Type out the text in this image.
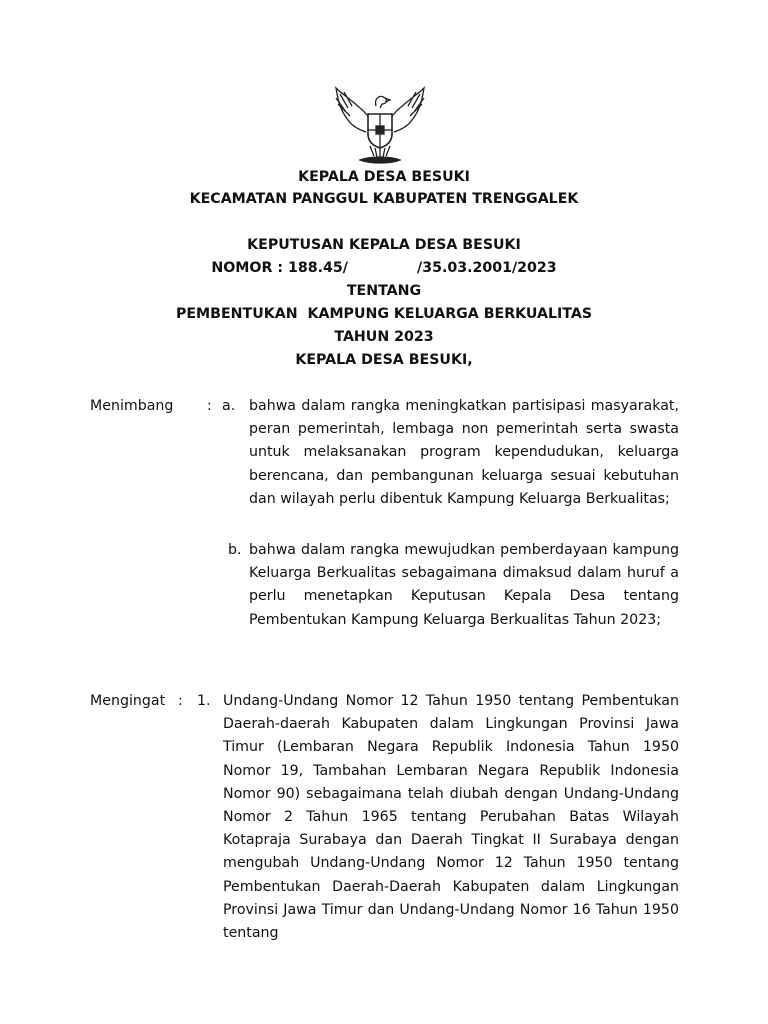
KEPALA DESA BESUKI

KECAMATAN PANGGUL KABUPATEN TRENGGALEK

KEPUTUSAN KEPALA DESA BESUKI

NOMOR : 188.45/              /35.03.2001/2023

TENTANG

PEMBENTUKAN  KAMPUNG KELUARGA BERKUALITAS

TAHUN 2023

KEPALA DESA BESUKI,

Menimbang : a. bahwa dalam rangka meningkatkan partisipasi masyarakat, peran pemerintah, lembaga non pemerintah serta swasta untuk melaksanakan program kependudukan, keluarga berencana, dan pembangunan keluarga sesuai kebutuhan dan wilayah perlu dibentuk Kampung Keluarga Berkualitas;

b. bahwa dalam rangka mewujudkan pemberdayaan kampung Keluarga Berkualitas sebagaimana dimaksud dalam huruf a perlu menetapkan Keputusan Kepala Desa tentang Pembentukan Kampung Keluarga Berkualitas Tahun 2023;

Mengingat : 1. Undang-Undang Nomor 12 Tahun 1950 tentang Pembentukan Daerah-daerah Kabupaten dalam Lingkungan Provinsi Jawa Timur (Lembaran Negara Republik Indonesia Tahun 1950 Nomor 19, Tambahan Lembaran Negara Republik Indonesia Nomor 90) sebagaimana telah diubah dengan Undang-Undang Nomor 2 Tahun 1965 tentang Perubahan Batas Wilayah Kotapraja Surabaya dan Daerah Tingkat II Surabaya dengan mengubah Undang-Undang Nomor 12 Tahun 1950 tentang Pembentukan Daerah-Daerah Kabupaten dalam Lingkungan Provinsi Jawa Timur dan Undang-Undang Nomor 16 Tahun 1950 tentang
